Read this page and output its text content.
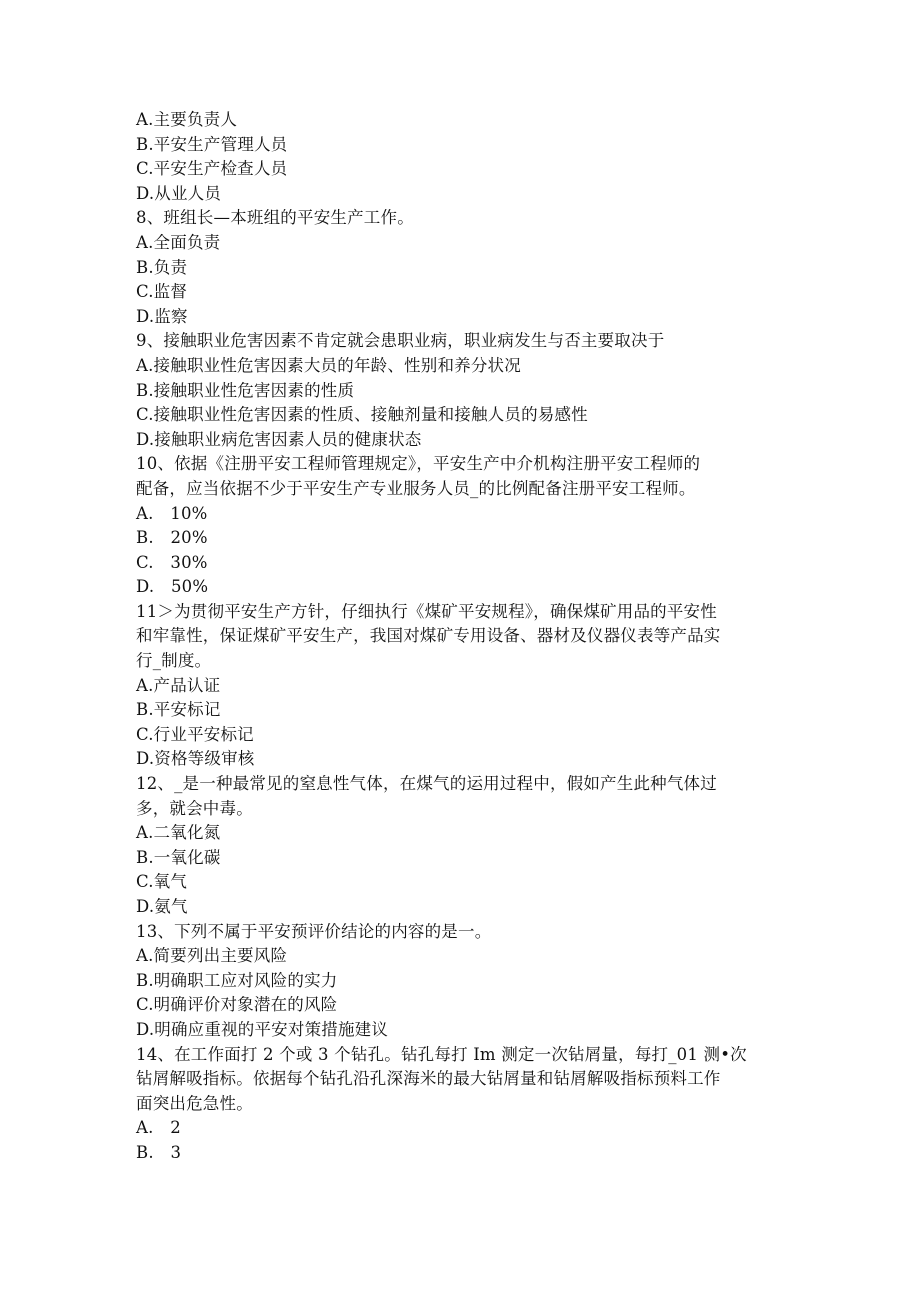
A.主要负责人
B.平安生产管理人员
C.平安生产检查人员
D.从业人员
8、班组长—本班组的平安生产工作。
A.全面负责
B.负责
C.监督
D.监察
9、接触职业危害因素不肯定就会患职业病，职业病发生与否主要取决于
A.接触职业性危害因素大员的年龄、性别和养分状况
B.接触职业性危害因素的性质
C.接触职业性危害因素的性质、接触剂量和接触人员的易感性
D.接触职业病危害因素人员的健康状态
10、依据《注册平安工程师管理规定》，平安生产中介机构注册平安工程师的
配备，应当依据不少于平安生产专业服务人员_的比例配备注册平安工程师。
A.　10%
B.　20%
C.　30%
D.　50%
11＞为贯彻平安生产方针，仔细执行《煤矿平安规程》，确保煤矿用品的平安性
和牢靠性，保证煤矿平安生产，我国对煤矿专用设备、器材及仪器仪表等产品实
行_制度。
A.产品认证
B.平安标记
C.行业平安标记
D.资格等级审核
12、_是一种最常见的窒息性气体，在煤气的运用过程中，假如产生此种气体过
多，就会中毒。
A.二氧化氮
B.一氧化碳
C.氧气
D.氨气
13、下列不属于平安预评价结论的内容的是一。
A.简要列出主要风险
B.明确职工应对风险的实力
C.明确评价对象潜在的风险
D.明确应重视的平安对策措施建议
14、在工作面打 2 个或 3 个钻孔。钻孔每打 Im 测定一次钻屑量，每打_01 测•次
钻屑解吸指标。依据每个钻孔沿孔深海米的最大钻屑量和钻屑解吸指标预料工作
面突出危急性。
A.　2
B.　3
